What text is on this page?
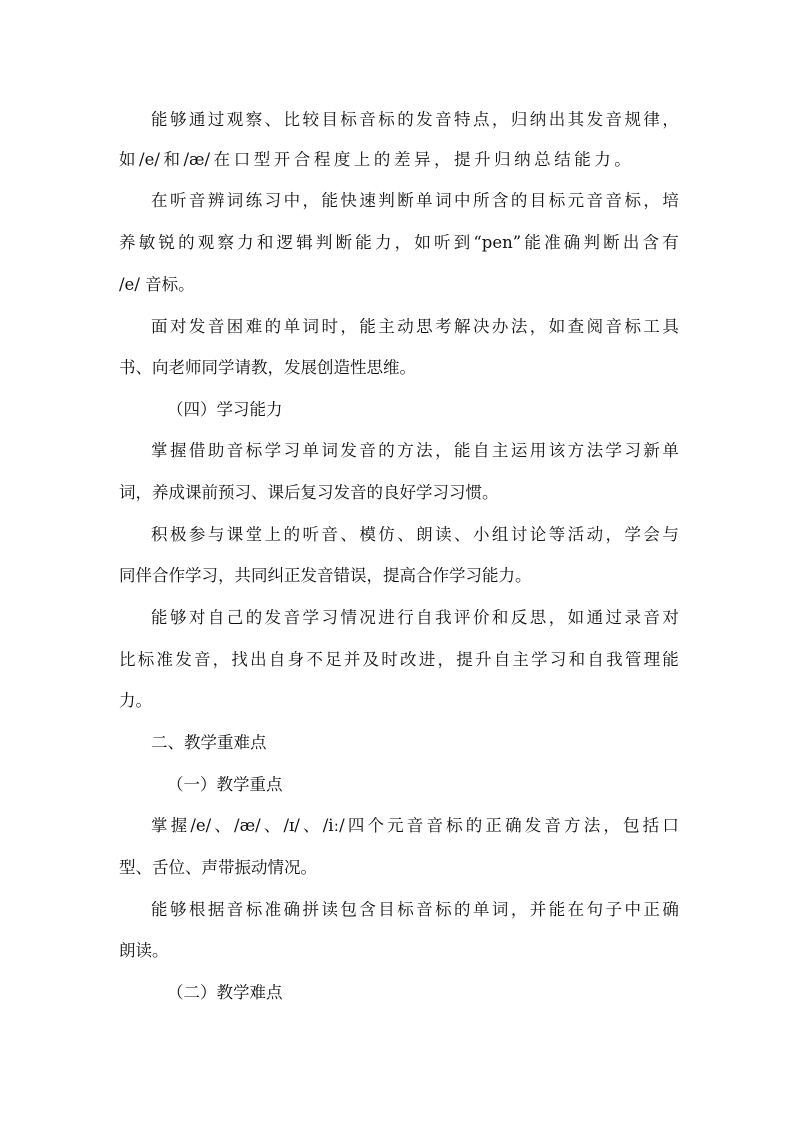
能 够 通 过 观 察 、 比 较 目 标 音 标 的 发 音 特 点 ， 归 纳 出 其 发 音 规 律 ，
如 /e/ 和 /æ/ 在 口 型 开 合 程 度 上 的 差 异 ， 提 升 归 纳 总 结 能 力 。
在 听 音 辨 词 练 习 中 ， 能 快 速 判 断 单 词 中 所 含 的 目 标 元 音 音 标 ， 培
养 敏 锐 的 观 察 力 和 逻 辑 判 断 能 力 ， 如 听 到 “pen” 能 准 确 判 断 出 含 有
/e/ 音标。
面 对 发 音 困 难 的 单 词 时 ， 能 主 动 思 考 解 决 办 法 ， 如 查 阅 音 标 工 具
书、向老师同学请教，发展创造性思维。
（四）学习能力
掌 握 借 助 音 标 学 习 单 词 发 音 的 方 法 ， 能 自 主 运 用 该 方 法 学 习 新 单
词，养成课前预习、课后复习发音的良好学习习惯。
积 极 参 与 课 堂 上 的 听 音 、 模 仿 、 朗 读 、 小 组 讨 论 等 活 动 ， 学 会 与
同伴合作学习，共同纠正发音错误，提高合作学习能力。
能 够 对 自 己 的 发 音 学 习 情 况 进 行 自 我 评 价 和 反 思 ， 如 通 过 录 音 对
比 标 准 发 音 ， 找 出 自 身 不 足 并 及 时 改 进 ， 提 升 自 主 学 习 和 自 我 管 理 能
力。
二、教学重难点
（一）教学重点
掌 握 /e/ 、 /æ/ 、 /ɪ/ 、 /iː/ 四 个 元 音 音 标 的 正 确 发 音 方 法 ， 包 括 口
型、舌位、声带振动情况。
能 够 根 据 音 标 准 确 拼 读 包 含 目 标 音 标 的 单 词 ， 并 能 在 句 子 中 正 确
朗读。
（二）教学难点
